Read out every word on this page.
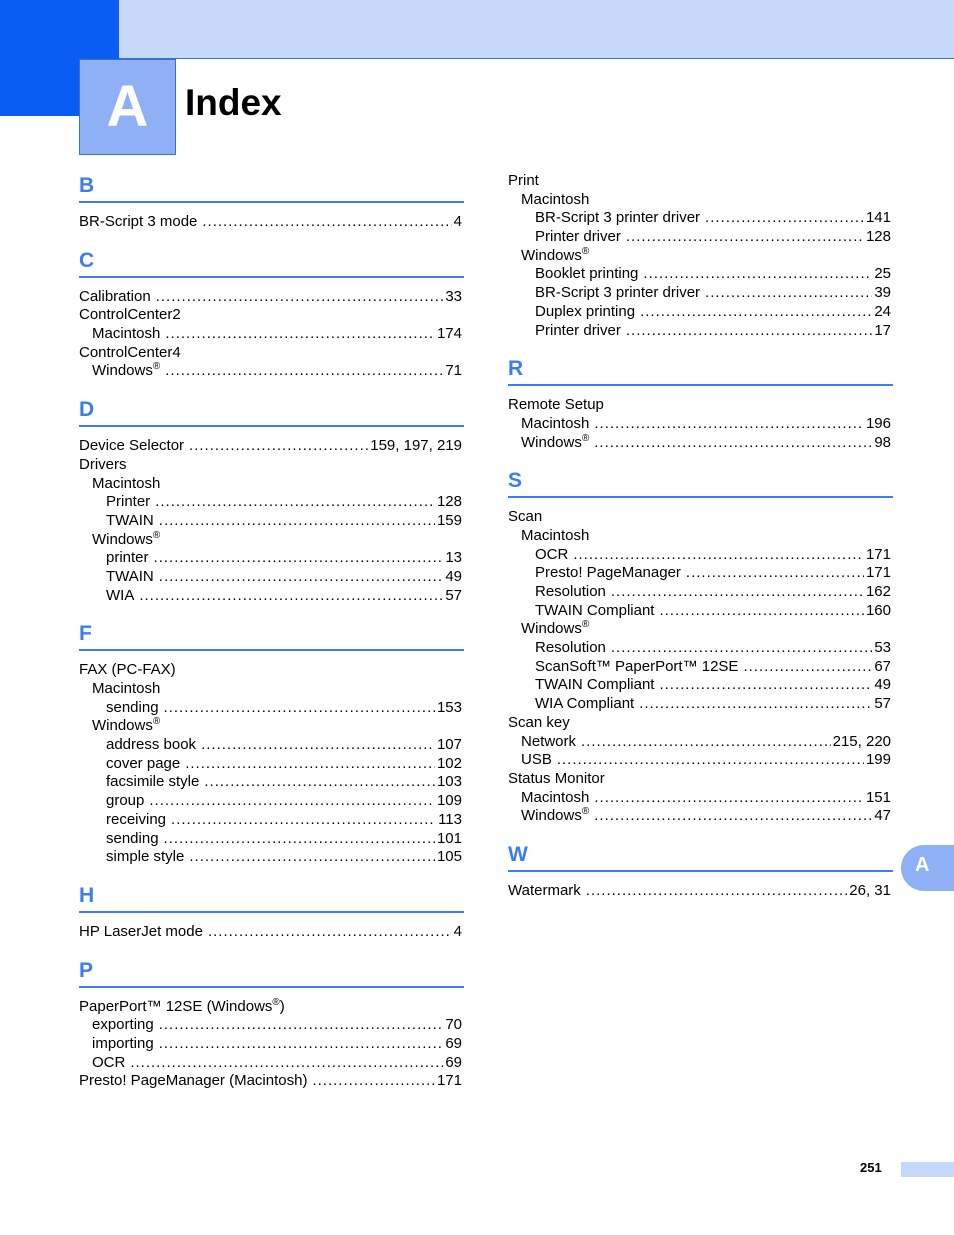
A Index
B
BR-Script 3 mode .....	4
C
Calibration .....	33
ControlCenter2
Macintosh .....	174
ControlCenter4
Windows® .....	71
D
Device Selector .....	159, 197, 219
Drivers
Macintosh
Printer .....	128
TWAIN .....	159
Windows®
printer .....	13
TWAIN .....	49
WIA .....	57
F
FAX (PC-FAX)
Macintosh
sending .....	153
Windows®
address book .....	107
cover page .....	102
facsimile style .....	103
group .....	109
receiving .....	113
sending .....	101
simple style .....	105
H
HP LaserJet mode .....	4
P
PaperPort™ 12SE (Windows®)
exporting .....	70
importing .....	69
OCR .....	69
Presto! PageManager (Macintosh) .....	171
Print
Macintosh
BR-Script 3 printer driver .....	141
Printer driver .....	128
Windows®
Booklet printing .....	25
BR-Script 3 printer driver .....	39
Duplex printing .....	24
Printer driver .....	17
R
Remote Setup
Macintosh .....	196
Windows® .....	98
S
Scan
Macintosh
OCR .....	171
Presto! PageManager .....	171
Resolution .....	162
TWAIN Compliant .....	160
Windows®
Resolution .....	53
ScanSoft™ PaperPort™ 12SE .....	67
TWAIN Compliant .....	49
WIA Compliant .....	57
Scan key
Network .....	215, 220
USB .....	199
Status Monitor
Macintosh .....	151
Windows® .....	47
W
Watermark .....	26, 31
A
251
